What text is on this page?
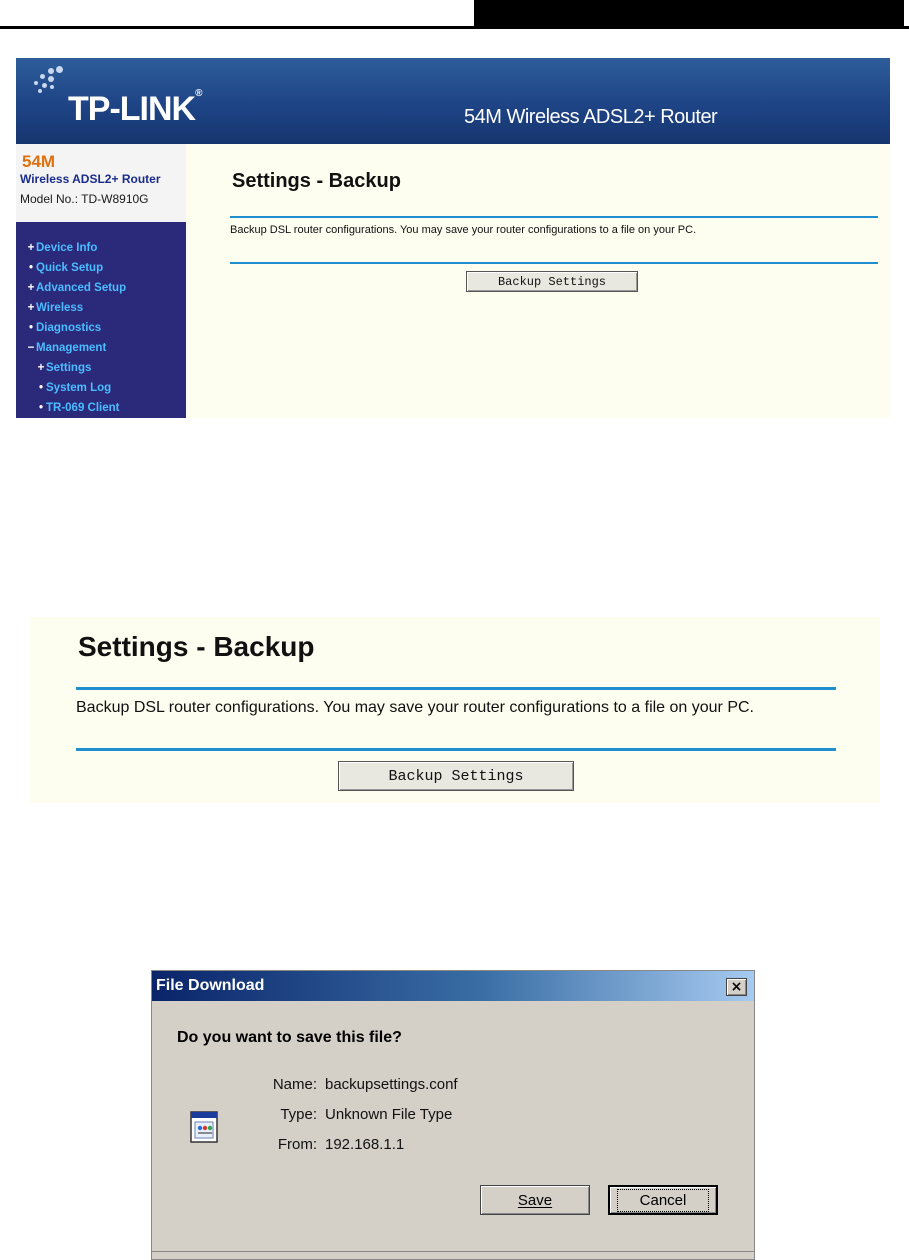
TP-LINK®
54M Wireless ADSL2+ Router
54M
Wireless ADSL2+ Router
Model No.: TD-W8910G
+ Device Info
• Quick Setup
+ Advanced Setup
+ Wireless
• Diagnostics
− Management
+ Settings
• System Log
• TR-069 Client
Settings - Backup
Backup DSL router configurations. You may save your router configurations to a file on your PC.
Backup Settings
Settings - Backup
Backup DSL router configurations. You may save your router configurations to a file on your PC.
Backup Settings
File Download	×
Do you want to save this file?
Name: backupsettings.conf
Type: Unknown File Type
From: 192.168.1.1
Save	Cancel
